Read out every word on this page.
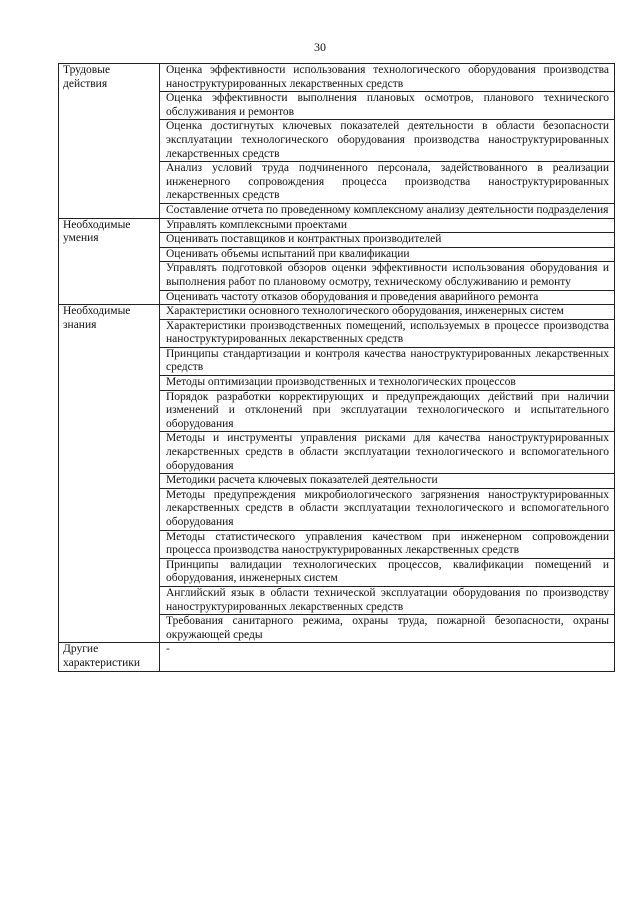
30
Трудовые действия	Оценка эффективности использования технологического оборудования производства наноструктурированных лекарственных средств
	Оценка эффективности выполнения плановых осмотров, планового технического обслуживания и ремонтов
	Оценка достигнутых ключевых показателей деятельности в области безопасности эксплуатации технологического оборудования производства наноструктурированных лекарственных средств
	Анализ условий труда подчиненного персонала, задействованного в реализации инженерного сопровождения процесса производства наноструктурированных лекарственных средств
	Составление отчета по проведенному комплексному анализу деятельности подразделения
Необходимые умения	Управлять комплексными проектами
	Оценивать поставщиков и контрактных производителей
	Оценивать объемы испытаний при квалификации
	Управлять подготовкой обзоров оценки эффективности использования оборудования и выполнения работ по плановому осмотру, техническому обслуживанию и ремонту
	Оценивать частоту отказов оборудования и проведения аварийного ремонта
Необходимые знания	Характеристики основного технологического оборудования, инженерных систем
	Характеристики производственных помещений, используемых в процессе производства наноструктурированных лекарственных средств
	Принципы стандартизации и контроля качества наноструктурированных лекарственных средств
	Методы оптимизации производственных и технологических процессов
	Порядок разработки корректирующих и предупреждающих действий при наличии изменений и отклонений при эксплуатации технологического и испытательного оборудования
	Методы и инструменты управления рисками для качества наноструктурированных лекарственных средств в области эксплуатации технологического и вспомогательного оборудования
	Методики расчета ключевых показателей деятельности
	Методы предупреждения микробиологического загрязнения наноструктурированных лекарственных средств в области эксплуатации технологического и вспомогательного оборудования
	Методы статистического управления качеством при инженерном сопровождении процесса производства наноструктурированных лекарственных средств
	Принципы валидации технологических процессов, квалификации помещений и оборудования, инженерных систем
	Английский язык в области технической эксплуатации оборудования по производству наноструктурированных лекарственных средств
	Требования санитарного режима, охраны труда, пожарной безопасности, охраны окружающей среды
Другие характеристики	-
